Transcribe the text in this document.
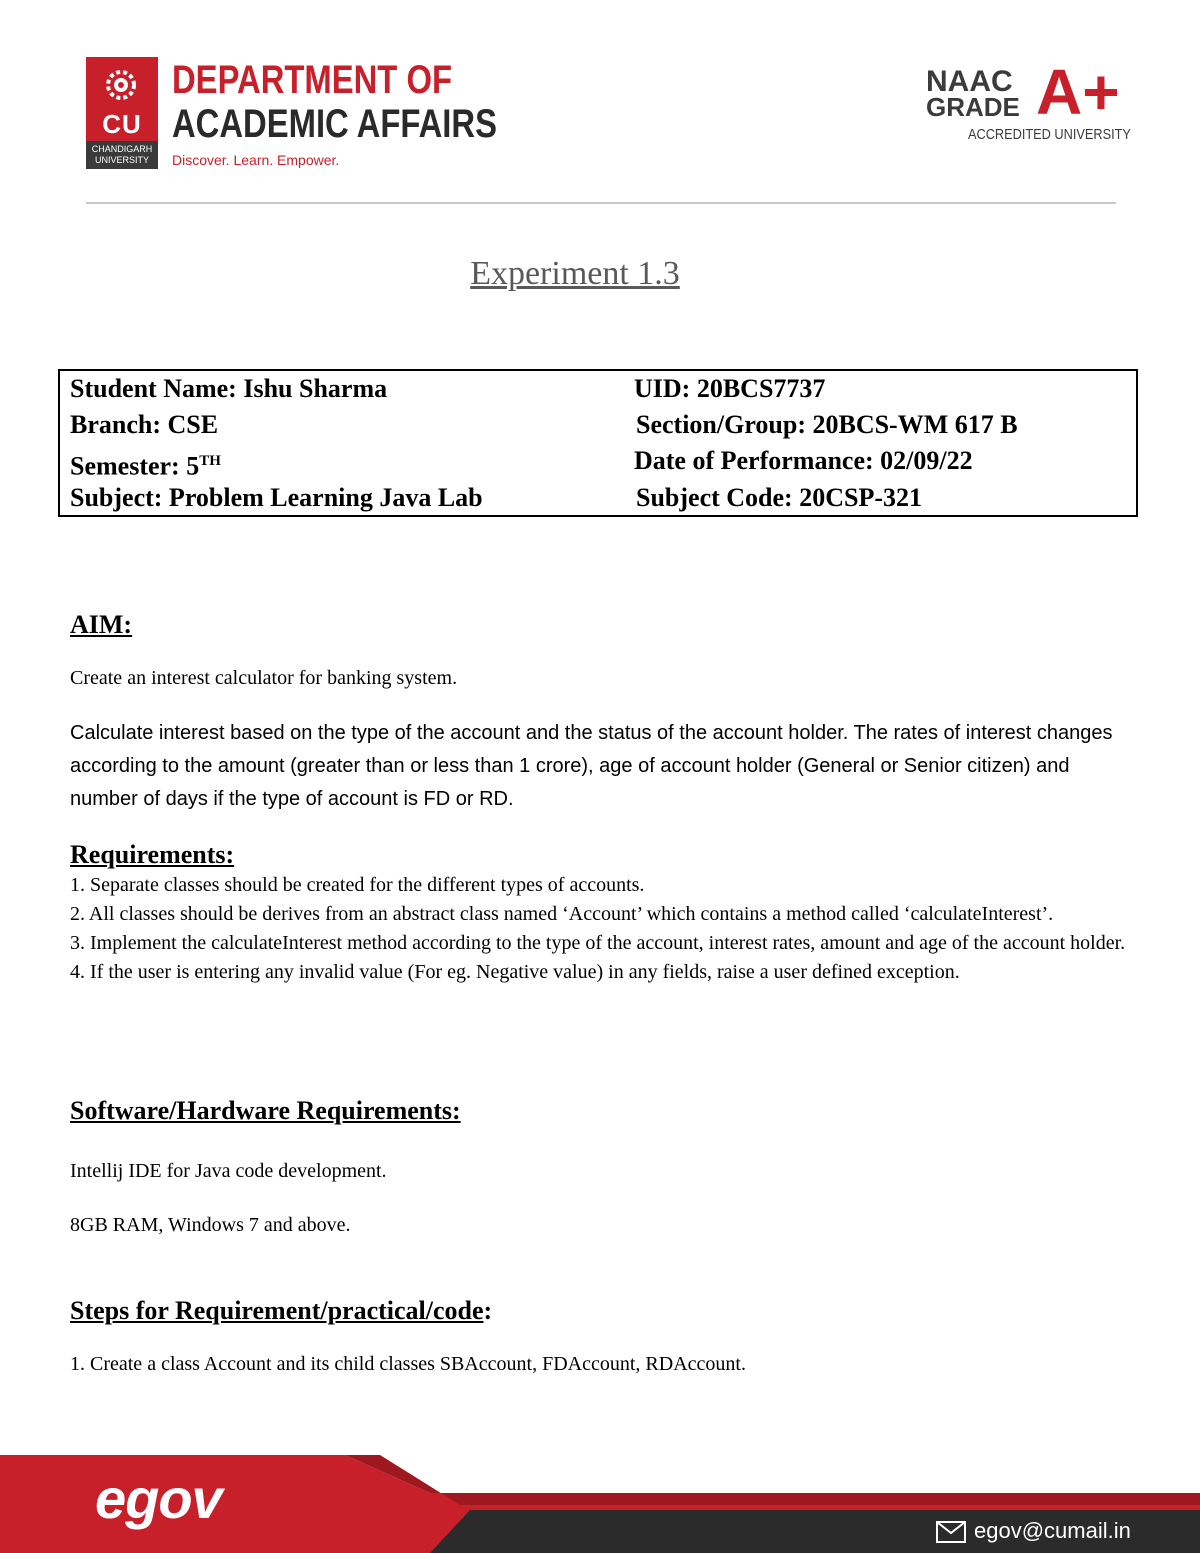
CU
CHANDIGARH UNIVERSITY
DEPARTMENT OF
ACADEMIC AFFAIRS
Discover. Learn. Empower.
NAAC
GRADE A+
ACCREDITED UNIVERSITY
Experiment 1.3
Student Name: Ishu Sharma	UID: 20BCS7737
Branch: CSE	Section/Group: 20BCS-WM 617 B
Semester: 5TH	Date of Performance: 02/09/22
Subject: Problem Learning Java Lab	Subject Code: 20CSP-321
AIM:
Create an interest calculator for banking system.
Calculate interest based on the type of the account and the status of the account holder. The rates of interest changes according to the amount (greater than or less than 1 crore), age of account holder (General or Senior citizen) and number of days if the type of account is FD or RD.
Requirements:
1. Separate classes should be created for the different types of accounts.
2. All classes should be derives from an abstract class named ‘Account’ which contains a method called ‘calculateInterest’.
3. Implement the calculateInterest method according to the type of the account, interest rates, amount and age of the account holder.
4. If the user is entering any invalid value (For eg. Negative value) in any fields, raise a user defined exception.
Software/Hardware Requirements:
Intellij IDE for Java code development.
8GB RAM, Windows 7 and above.
Steps for Requirement/practical/code:
1. Create a class Account and its child classes SBAccount, FDAccount, RDAccount.
egov
egov@cumail.in
